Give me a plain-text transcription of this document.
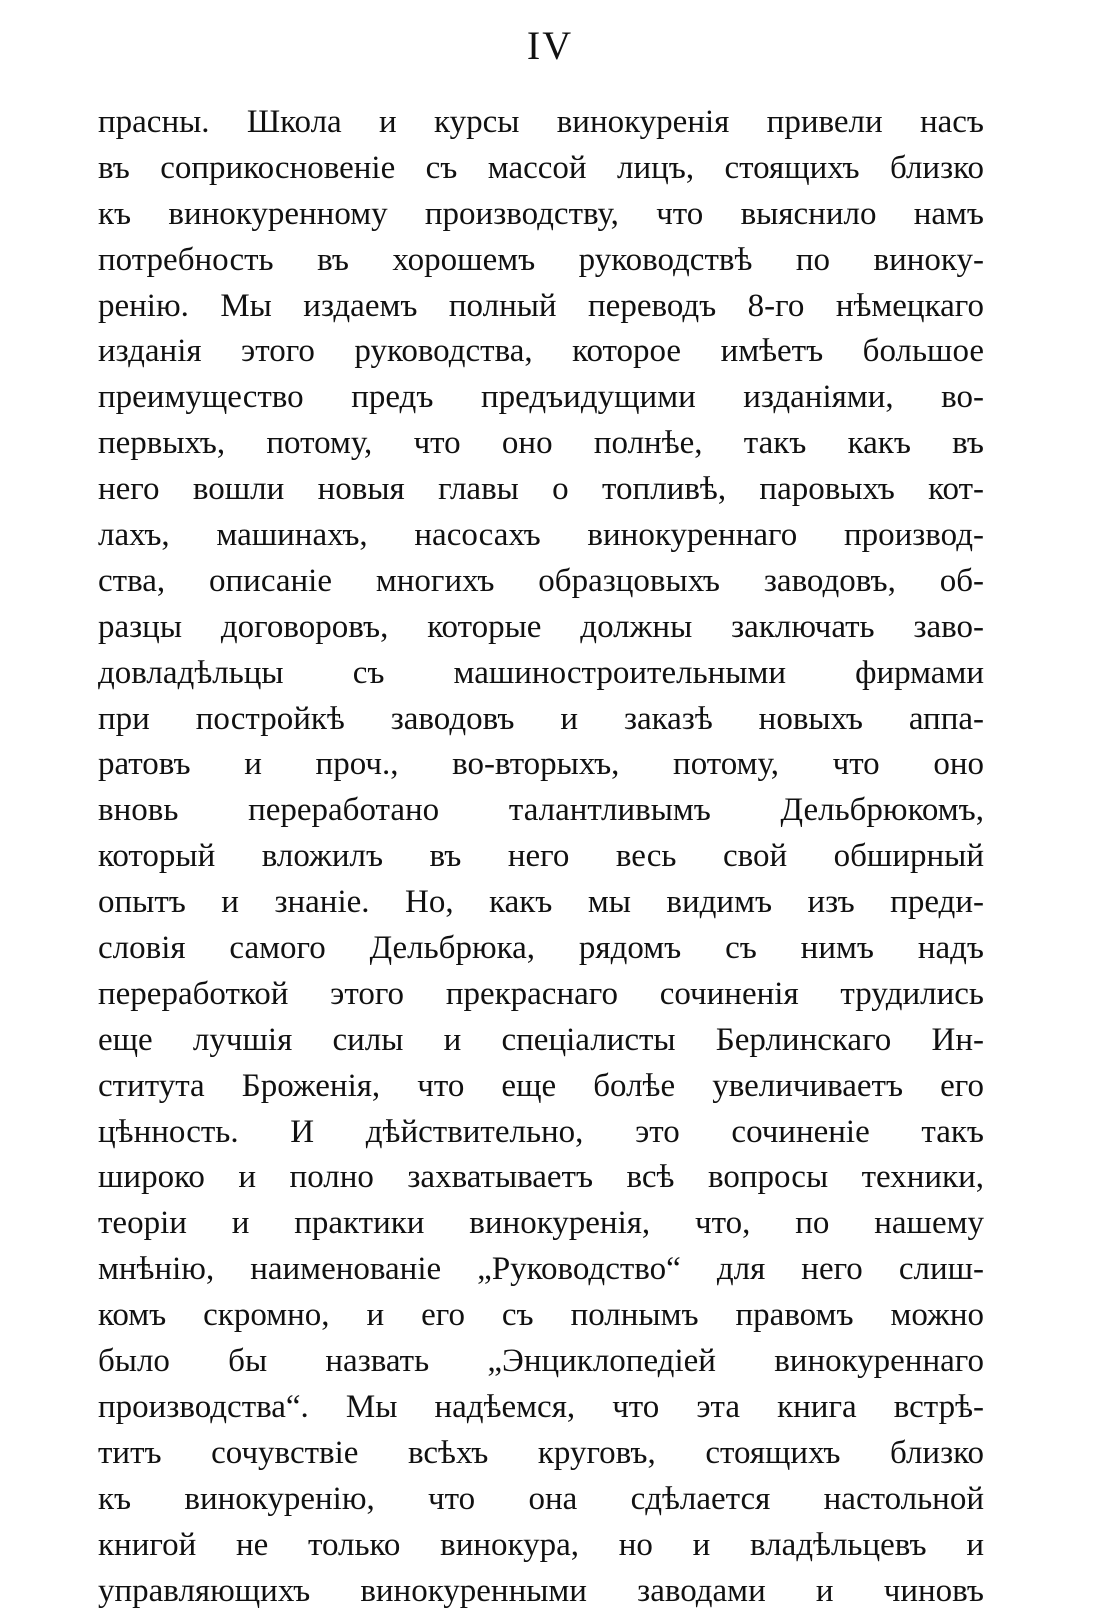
IV
прасны. Школа и курсы винокуренія привели насъ
въ соприкосновеніе съ массой лицъ, стоящихъ близко
къ винокуренному производству, что выяснило намъ
потребность въ хорошемъ руководствѣ по виноку-
ренію. Мы издаемъ полный переводъ 8-го нѣмецкаго
изданія этого руководства, которое имѣетъ большое
преимущество предъ предъидущими изданіями, во-
первыхъ, потому, что оно полнѣе, такъ какъ въ
него вошли новыя главы о топливѣ, паровыхъ кот-
лахъ, машинахъ, насосахъ винокуреннаго производ-
ства, описаніе многихъ образцовыхъ заводовъ, об-
разцы договоровъ, которые должны заключать заво-
довладѣльцы съ машиностроительными фирмами
при постройкѣ заводовъ и заказѣ новыхъ аппа-
ратовъ и проч., во-вторыхъ, потому, что оно
вновь переработано талантливымъ Дельбрюкомъ,
который вложилъ въ него весь свой обширный
опытъ и знаніе. Но, какъ мы видимъ изъ преди-
словія самого Дельбрюка, рядомъ съ нимъ надъ
переработкой этого прекраснаго сочиненія трудились
еще лучшія силы и спеціалисты Берлинскаго Ин-
ститута Броженія, что еще болѣе увеличиваетъ его
цѣнность. И дѣйствительно, это сочиненіе такъ
широко и полно захватываетъ всѣ вопросы техники,
теоріи и практики винокуренія, что, по нашему
мнѣнію, наименованіе „Руководство“ для него слиш-
комъ скромно, и его съ полнымъ правомъ можно
было бы назвать „Энциклопедіей винокуреннаго
производства“. Мы надѣемся, что эта книга встрѣ-
титъ сочувствіе всѣхъ круговъ, стоящихъ близко
къ винокуренію, что она сдѣлается настольной
книгой не только винокура, но и владѣльцевъ и
управляющихъ винокуренными заводами и чиновъ
